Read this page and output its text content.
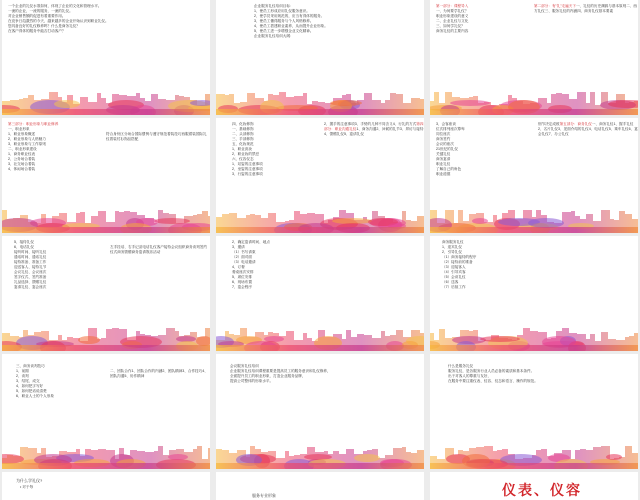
一个企业的礼仪水准如何，体现了企业的文化和管理水平。
一流的企业，一流的服务，一流的礼仪。
对企业销售额的促进有着重要作用。
在竞争日趋激烈的今天，越来越多的企业开始认识到职业礼仪。
您具备良好的礼仪修养吗？什么是商务礼仪？
在客户得体的服务中能否打动客户？
企业服务礼仪培训目标：
1、使员工形成应用礼仪服务意识。
2、使学员采用规范的，应当有得体的服务。
3、使员工懂得服务与个人风格修养。
4、使员工搭建职业素养，从而提升企业形象。
5、使员工进一步增强企业文化精神。
企业服务礼仪培训大纲：
第一部分：课程导入
一、为何要学礼仪？
职业形象建设的意义
二、企业礼仪与文化
三、如何学礼仪？
商务礼仪的主要内容
第二部分：有“礼”走遍天下一、礼仪的历史渊源与基本原则二、西方礼仪三、服务礼仪的内涵四、商务礼仪基本要素
第三部分：职业形象与职业修养
一、职业形象
1、职业形象概述
2、职业形象与人格魅力
3、职业形象与工作原则
二、职业形象建设
1、商务职业仪表
2、公务场合着装
3、社交场合着装
4、休闲场合着装
符合身份区分场合国际惯例与遵守规范着装技巧西服裙装国际礼仪着装衬衫饰品搭配
四、化妆修饰
一、基础修饰
二、头部修饰
三、手部修饰
五、化妆规范
1、职业淡妆
2、职业妆的禁忌
六、仪容仪态
1、站姿的注意事项
2、坐姿的注意事项
3、行姿的注意事项
2、握手的注意事项3、手势的几种不同含义4、行礼的方式第四部分：职业沟通礼仪1、商务沟通2、问候的礼节3、拜访与接待4、馈赠礼仪5、宴请礼仪
3、会客座谈
位次排列座次尊卑
同位座次
商务签约
会议的座次
21世纪的礼仪
关键礼仪
商务宴请
职业礼仪
了解自己的角色
职业道德
细节决定成败第五部分：商务礼仪一、商务礼仪1、握手礼仪2、名片礼仪3、见面介绍的礼仪4、电话礼仪5、乘车礼仪6、宴会礼仪7、办公礼仪
5、接待礼仪
6、电话礼仪
接听时间、接听礼仪
通话时间、通话礼仪
接待准备、准备工作
迎送客人、接待礼节
会议礼仪、会议座次
签字仪式、签约准备
礼品选择、馈赠礼仪
宴请礼仪、宴会座次
左手挂话、右手记录电话礼仪客户接待会议组织商务谈判签约仪式商务馈赠商务宴请娱乐活动
2、确定宴请时间、地点
3、邀请
（1）书写请柬
（2）面对面
（3）电话邀请
4、订餐
餐桌座次安排
5、席位安排
6、现场布置
7、宴会程序
商务服务礼仪
1、迎宾礼仪
2、引导礼仪
（1）商务接待的程序
（2）接待前的准备
（3）迎接客人
（4）引导宾客
（5）会谈礼仪
（6）送客
（7）后续工作
三、商务谈判技巧
1、前期
2、谈判
3、结尾、成交
4、如何把字写好
5、如何把话说清楚
6、职业人士的个人形象
二、团队合作1、团队合作的内涵2、团队精神3、合作技巧4、团队沟通5、协作精神
会议服务礼仪培训
企业服务礼仪培训课程重要是提高员工的服务意识和礼仪修养，
全面提升员工的职业形象，打造企业服务品牌，
提高公司整体的形象水平。
什么是服务礼仪
服务礼仪，是各服务行业人员必备的素质和基本条件。
出于对客人的尊重与友好，
在服务中要注重仪表、仪容、仪态和语言、操作的规范。
为什么学礼仪?
• 对于每
服务专业形象	仪表、仪容
